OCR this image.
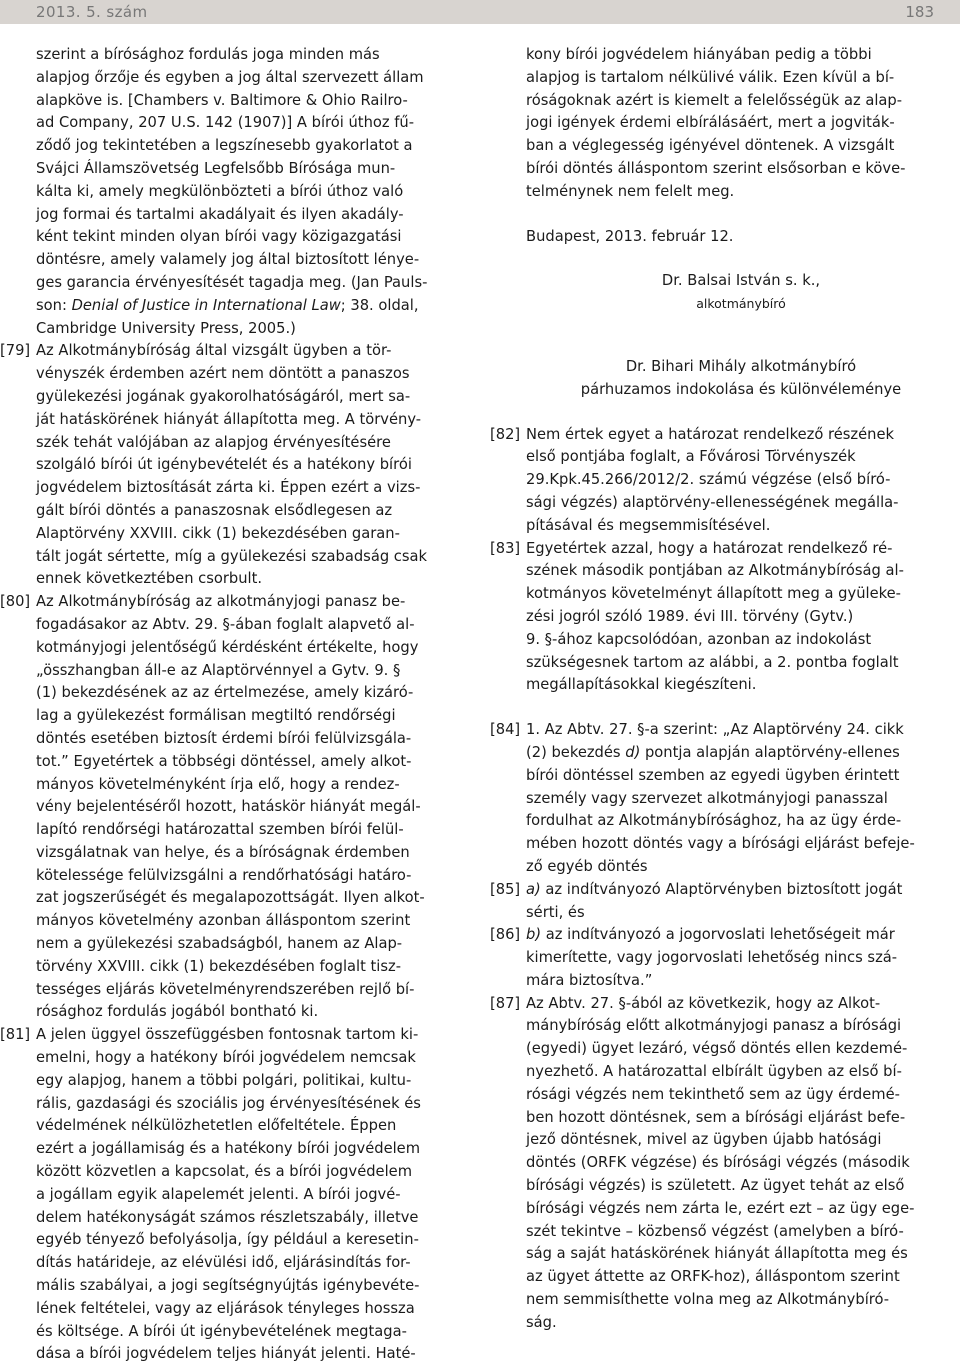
2013. 5. szám	183

szerint a bírósághoz fordulás joga minden más

alapjog őrzője és egyben a jog által szervezett állam

alapköve is. [Chambers v. Baltimore & Ohio Railro-

ad Company, 207 U.S. 142 (1907)] A bírói úthoz fű-

ződő jog tekintetében a legszínesebb gyakorlatot a

Svájci Államszövetség Legfelsőbb Bírósága mun-

kálta ki, amely megkülönbözteti a bírói úthoz való

jog formai és tartalmi akadályait és ilyen akadály-

ként tekint minden olyan bírói vagy közigazgatási

döntésre, amely valamely jog által biztosított lénye-

ges garancia érvényesítését tagadja meg. (Jan Pauls-

son: Denial of Justice in International Law; 38. oldal,

Cambridge University Press, 2005.)

[79] Az Alkotmánybíróság által vizsgált ügyben a tör-

vényszék érdemben azért nem döntött a panaszos

gyülekezési jogának gyakorolhatóságáról, mert sa-

ját hatáskörének hiányát állapította meg. A törvény-

szék tehát valójában az alapjog érvényesítésére

szolgáló bírói út igénybevételét és a hatékony bírói

jogvédelem biztosítását zárta ki. Éppen ezért a vizs-

gált bírói döntés a panaszosnak elsődlegesen az

Alaptörvény XXVIII. cikk (1) bekezdésében garan-

tált jogát sértette, míg a gyülekezési szabadság csak

ennek következtében csorbult.

[80] Az Alkotmánybíróság az alkotmányjogi panasz be-

fogadásakor az Abtv. 29. §-ában foglalt alapvető al-

kotmányjogi jelentőségű kérdésként értékelte, hogy

„összhangban áll-e az Alaptörvénnyel a Gytv. 9. §

(1) bekezdésének az az értelmezése, amely kizáró-

lag a gyülekezést formálisan megtiltó rendőrségi

döntés esetében biztosít érdemi bírói felülvizsgála-

tot.” Egyetértek a többségi döntéssel, amely alkot-

mányos követelményként írja elő, hogy a rendez-

vény bejelentéséről hozott, hatáskör hiányát megál-

lapító rendőrségi határozattal szemben bírói felül-

vizsgálatnak van helye, és a bíróságnak érdemben

kötelessége felülvizsgálni a rendőrhatósági határo-

zat jogszerűségét és megalapozottságát. Ilyen alkot-

mányos követelmény azonban álláspontom szerint

nem a gyülekezési szabadságból, hanem az Alap-

törvény XXVIII. cikk (1) bekezdésében foglalt tisz-

tességes eljárás követelményrendszerében rejlő bí-

rósághoz fordulás jogából bontható ki.

[81] A jelen üggyel összefüggésben fontosnak tartom ki-

emelni, hogy a hatékony bírói jogvédelem nemcsak

egy alapjog, hanem a többi polgári, politikai, kultu-

rális, gazdasági és szociális jog érvényesítésének és

védelmének nélkülözhetetlen előfeltétele. Éppen

ezért a jogállamiság és a hatékony bírói jogvédelem

között közvetlen a kapcsolat, és a bírói jogvédelem

a jogállam egyik alapelemét jelenti. A bírói jogvé-

delem hatékonyságát számos részletszabály, illetve

egyéb tényező befolyásolja, így például a keresetin-

dítás határideje, az elévülési idő, eljárásindítás for-

mális szabályai, a jogi segítségnyújtás igénybevéte-

lének feltételei, vagy az eljárások tényleges hossza

és költsége. A bírói út igénybevételének megtaga-

dása a bírói jogvédelem teljes hiányát jelenti. Haté-

kony bírói jogvédelem hiányában pedig a többi

alapjog is tartalom nélkülivé válik. Ezen kívül a bí-

róságoknak azért is kiemelt a felelősségük az alap-

jogi igények érdemi elbírálásáért, mert a jogviták-

ban a véglegesség igényével döntenek. A vizsgált

bírói döntés álláspontom szerint elsősorban e köve-

telménynek nem felelt meg.

Budapest, 2013. február 12.

Dr. Balsai István s. k.,

alkotmánybíró

Dr. Bihari Mihály alkotmánybíró

párhuzamos indokolása és különvéleménye

[82] Nem értek egyet a határozat rendelkező részének

első pontjába foglalt, a Fővárosi Törvényszék

29.Kpk.45.266/2012/2. számú végzése (első bíró-

sági végzés) alaptörvény-ellenességének megálla-

pításával és megsemmisítésével.

[83] Egyetértek azzal, hogy a határozat rendelkező ré-

szének második pontjában az Alkotmánybíróság al-

kotmányos követelményt állapított meg a gyüleke-

zési jogról szóló 1989. évi III. törvény (Gytv.)

9. §-ához kapcsolódóan, azonban az indokolást

szükségesnek tartom az alábbi, a 2. pontba foglalt

megállapításokkal kiegészíteni.

[84] 1. Az Abtv. 27. §-a szerint: „Az Alaptörvény 24. cikk

(2) bekezdés d) pontja alapján alaptörvény-ellenes

bírói döntéssel szemben az egyedi ügyben érintett

személy vagy szervezet alkotmányjogi panasszal

fordulhat az Alkotmánybírósághoz, ha az ügy érde-

mében hozott döntés vagy a bírósági eljárást befeje-

ző egyéb döntés

[85] a) az indítványozó Alaptörvényben biztosított jogát

sérti, és

[86] b) az indítványozó a jogorvoslati lehetőségeit már

kimerítette, vagy jogorvoslati lehetőség nincs szá-

mára biztosítva.”

[87] Az Abtv. 27. §-ából az következik, hogy az Alkot-

mánybíróság előtt alkotmányjogi panasz a bírósági

(egyedi) ügyet lezáró, végső döntés ellen kezdemé-

nyezhető. A határozattal elbírált ügyben az első bí-

rósági végzés nem tekinthető sem az ügy érdemé-

ben hozott döntésnek, sem a bírósági eljárást befe-

jező döntésnek, mivel az ügyben újabb hatósági

döntés (ORFK végzése) és bírósági végzés (második

bírósági végzés) is született. Az ügyet tehát az első

bírósági végzés nem zárta le, ezért ezt – az ügy ege-

szét tekintve – közbenső végzést (amelyben a bíró-

ság a saját hatáskörének hiányát állapította meg és

az ügyet áttette az ORFK-hoz), álláspontom szerint

nem semmisíthette volna meg az Alkotmánybíró-

ság.
